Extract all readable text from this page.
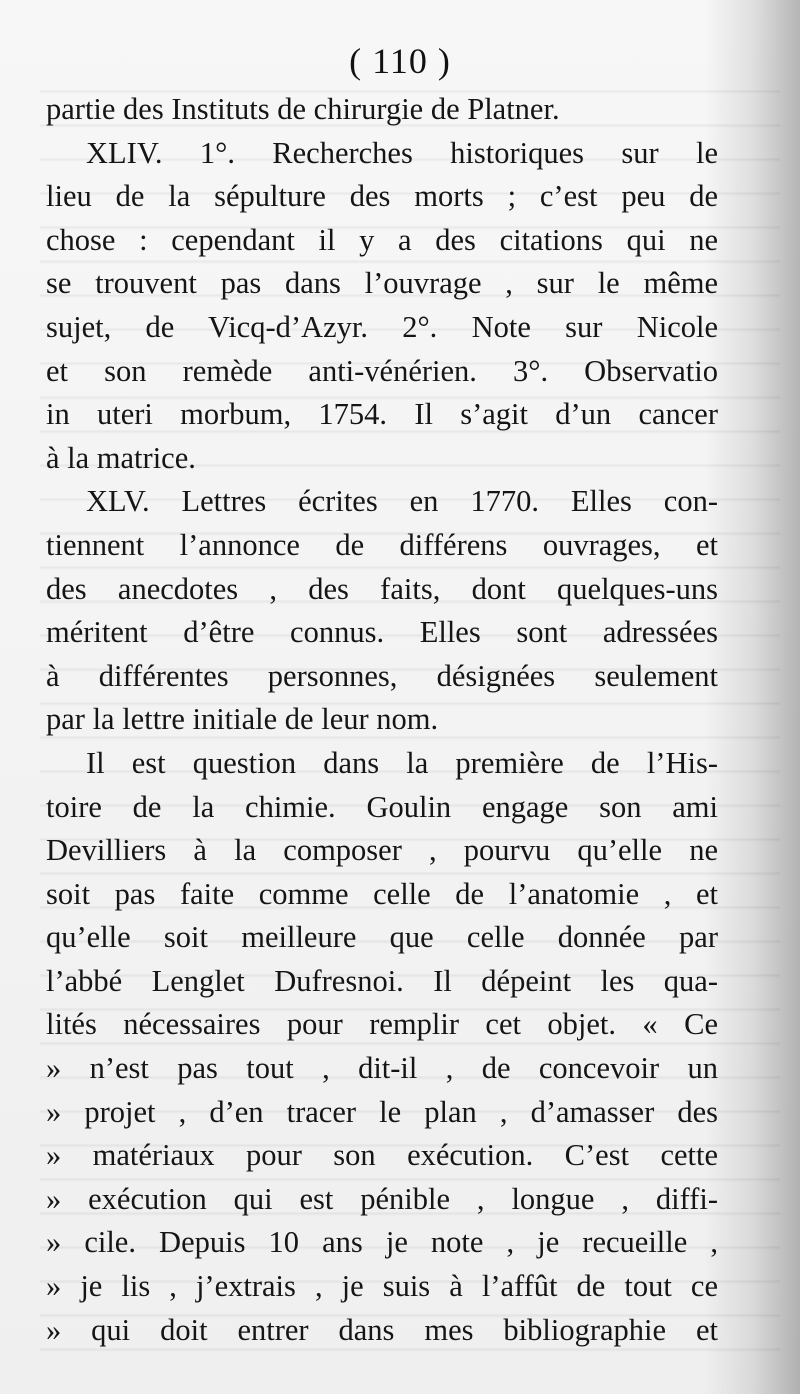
( 110 )
partie des Instituts de chirurgie de Platner.
XLIV. 1°. Recherches historiques sur le
lieu de la sépulture des morts ; c’est peu de
chose : cependant il y a des citations qui ne
se trouvent pas dans l’ouvrage , sur le même
sujet, de Vicq-d’Azyr. 2°. Note sur Nicole
et son remède anti-vénérien. 3°. Observatio
in uteri morbum, 1754. Il s’agit d’un cancer
à la matrice.
XLV. Lettres écrites en 1770. Elles con-
tiennent l’annonce de différens ouvrages, et
des anecdotes , des faits, dont quelques-uns
méritent d’être connus. Elles sont adressées
à différentes personnes, désignées seulement
par la lettre initiale de leur nom.
Il est question dans la première de l’His-
toire de la chimie. Goulin engage son ami
Devilliers à la composer , pourvu qu’elle ne
soit pas faite comme celle de l’anatomie , et
qu’elle soit meilleure que celle donnée par
l’abbé Lenglet Dufresnoi. Il dépeint les qua-
lités nécessaires pour remplir cet objet. « Ce
» n’est pas tout , dit-il , de concevoir un
» projet , d’en tracer le plan , d’amasser des
» matériaux pour son exécution. C’est cette
» exécution qui est pénible , longue , diffi-
» cile. Depuis 10 ans je note , je recueille ,
» je lis , j’extrais , je suis à l’affût de tout ce
» qui doit entrer dans mes bibliographie et
